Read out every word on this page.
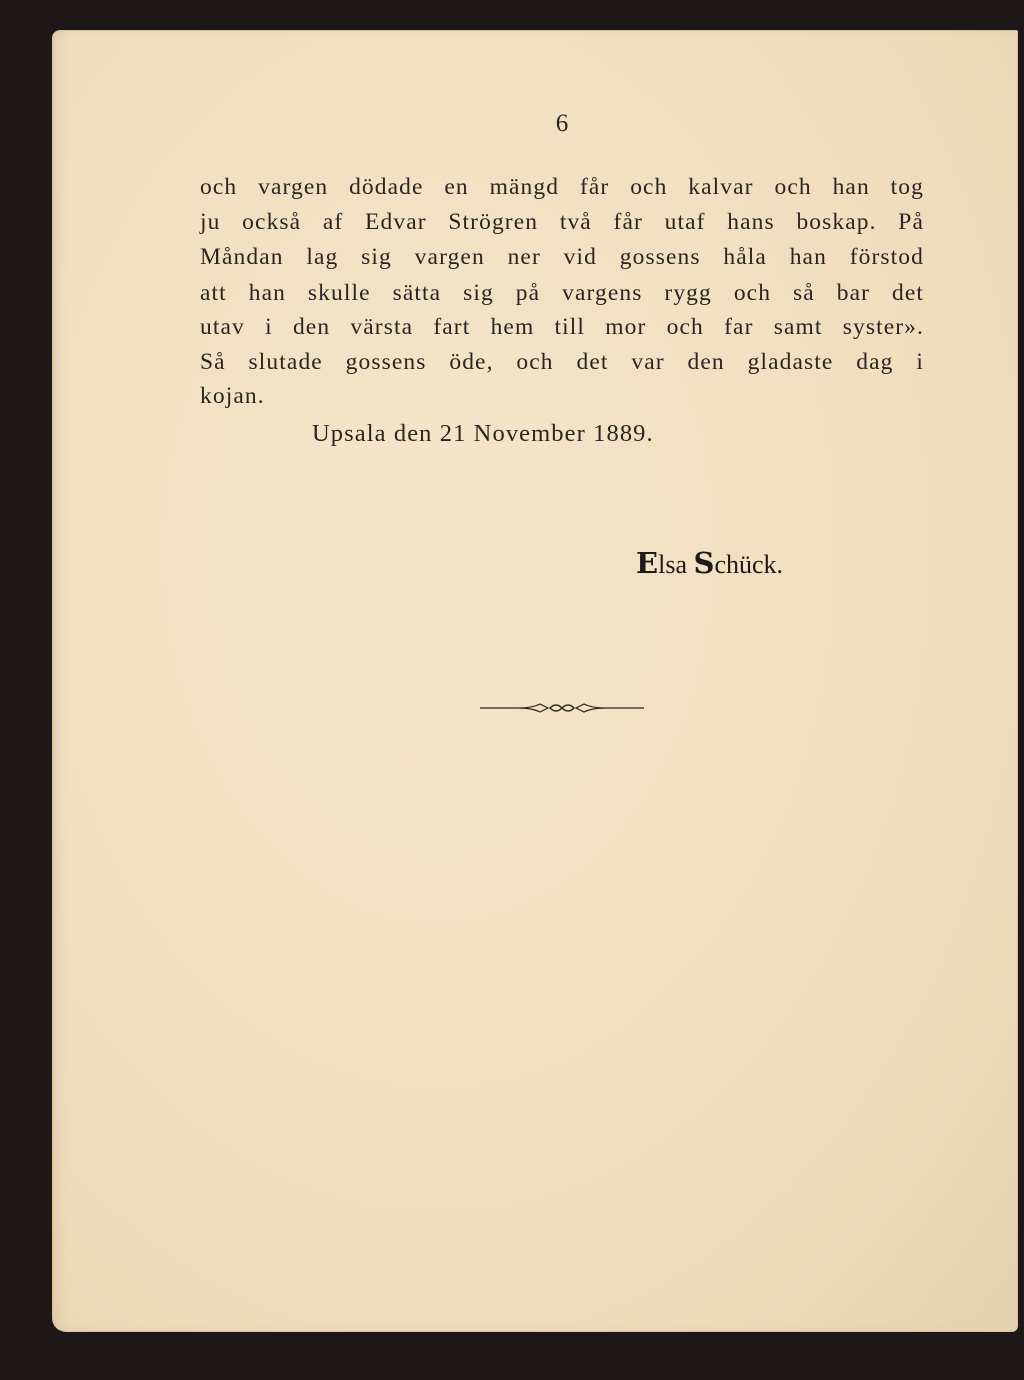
6
och vargen dödade en mängd får och kalvar och han tog
ju också af Edvar Strögren två får utaf hans boskap. På
Måndan lag sig vargen ner vid gossens håla han förstod
att han skulle sätta sig på vargens rygg och så bar det
utav i den värsta fart hem till mor och far samt syster».
Så slutade gossens öde, och det var den gladaste dag i
kojan.
Upsala den 21 November 1889.
Elsa Schück.
